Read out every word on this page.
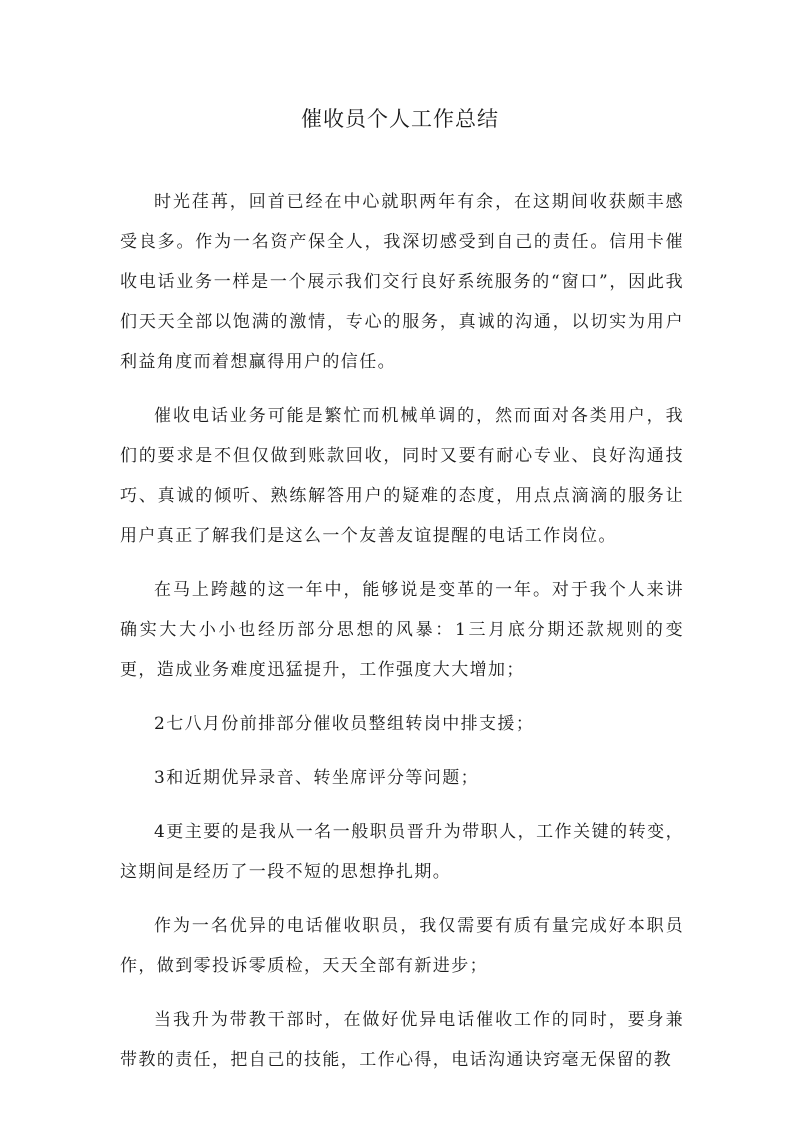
催收员个人工作总结

时光荏苒，回首已经在中心就职两年有余，在这期间收获颇丰感受良多。作为一名资产保全人，我深切感受到自己的责任。信用卡催收电话业务一样是一个展示我们交行良好系统服务的“窗口”，因此我们天天全部以饱满的激情，专心的服务，真诚的沟通，以切实为用户利益角度而着想赢得用户的信任。

催收电话业务可能是繁忙而机械单调的，然而面对各类用户，我们的要求是不但仅做到账款回收，同时又要有耐心专业、良好沟通技巧、真诚的倾听、熟练解答用户的疑难的态度，用点点滴滴的服务让用户真正了解我们是这么一个友善友谊提醒的电话工作岗位。

在马上跨越的这一年中，能够说是变革的一年。对于我个人来讲确实大大小小也经历部分思想的风暴：1三月底分期还款规则的变更，造成业务难度迅猛提升，工作强度大大增加；

2七八月份前排部分催收员整组转岗中排支援；

3和近期优异录音、转坐席评分等问题；

4更主要的是我从一名一般职员晋升为带职人，工作关键的转变，这期间是经历了一段不短的思想挣扎期。

作为一名优异的电话催收职员，我仅需要有质有量完成好本职员作，做到零投诉零质检，天天全部有新进步；

当我升为带教干部时，在做好优异电话催收工作的同时，要身兼带教的责任，把自己的技能，工作心得，电话沟通诀窍毫无保留的教
